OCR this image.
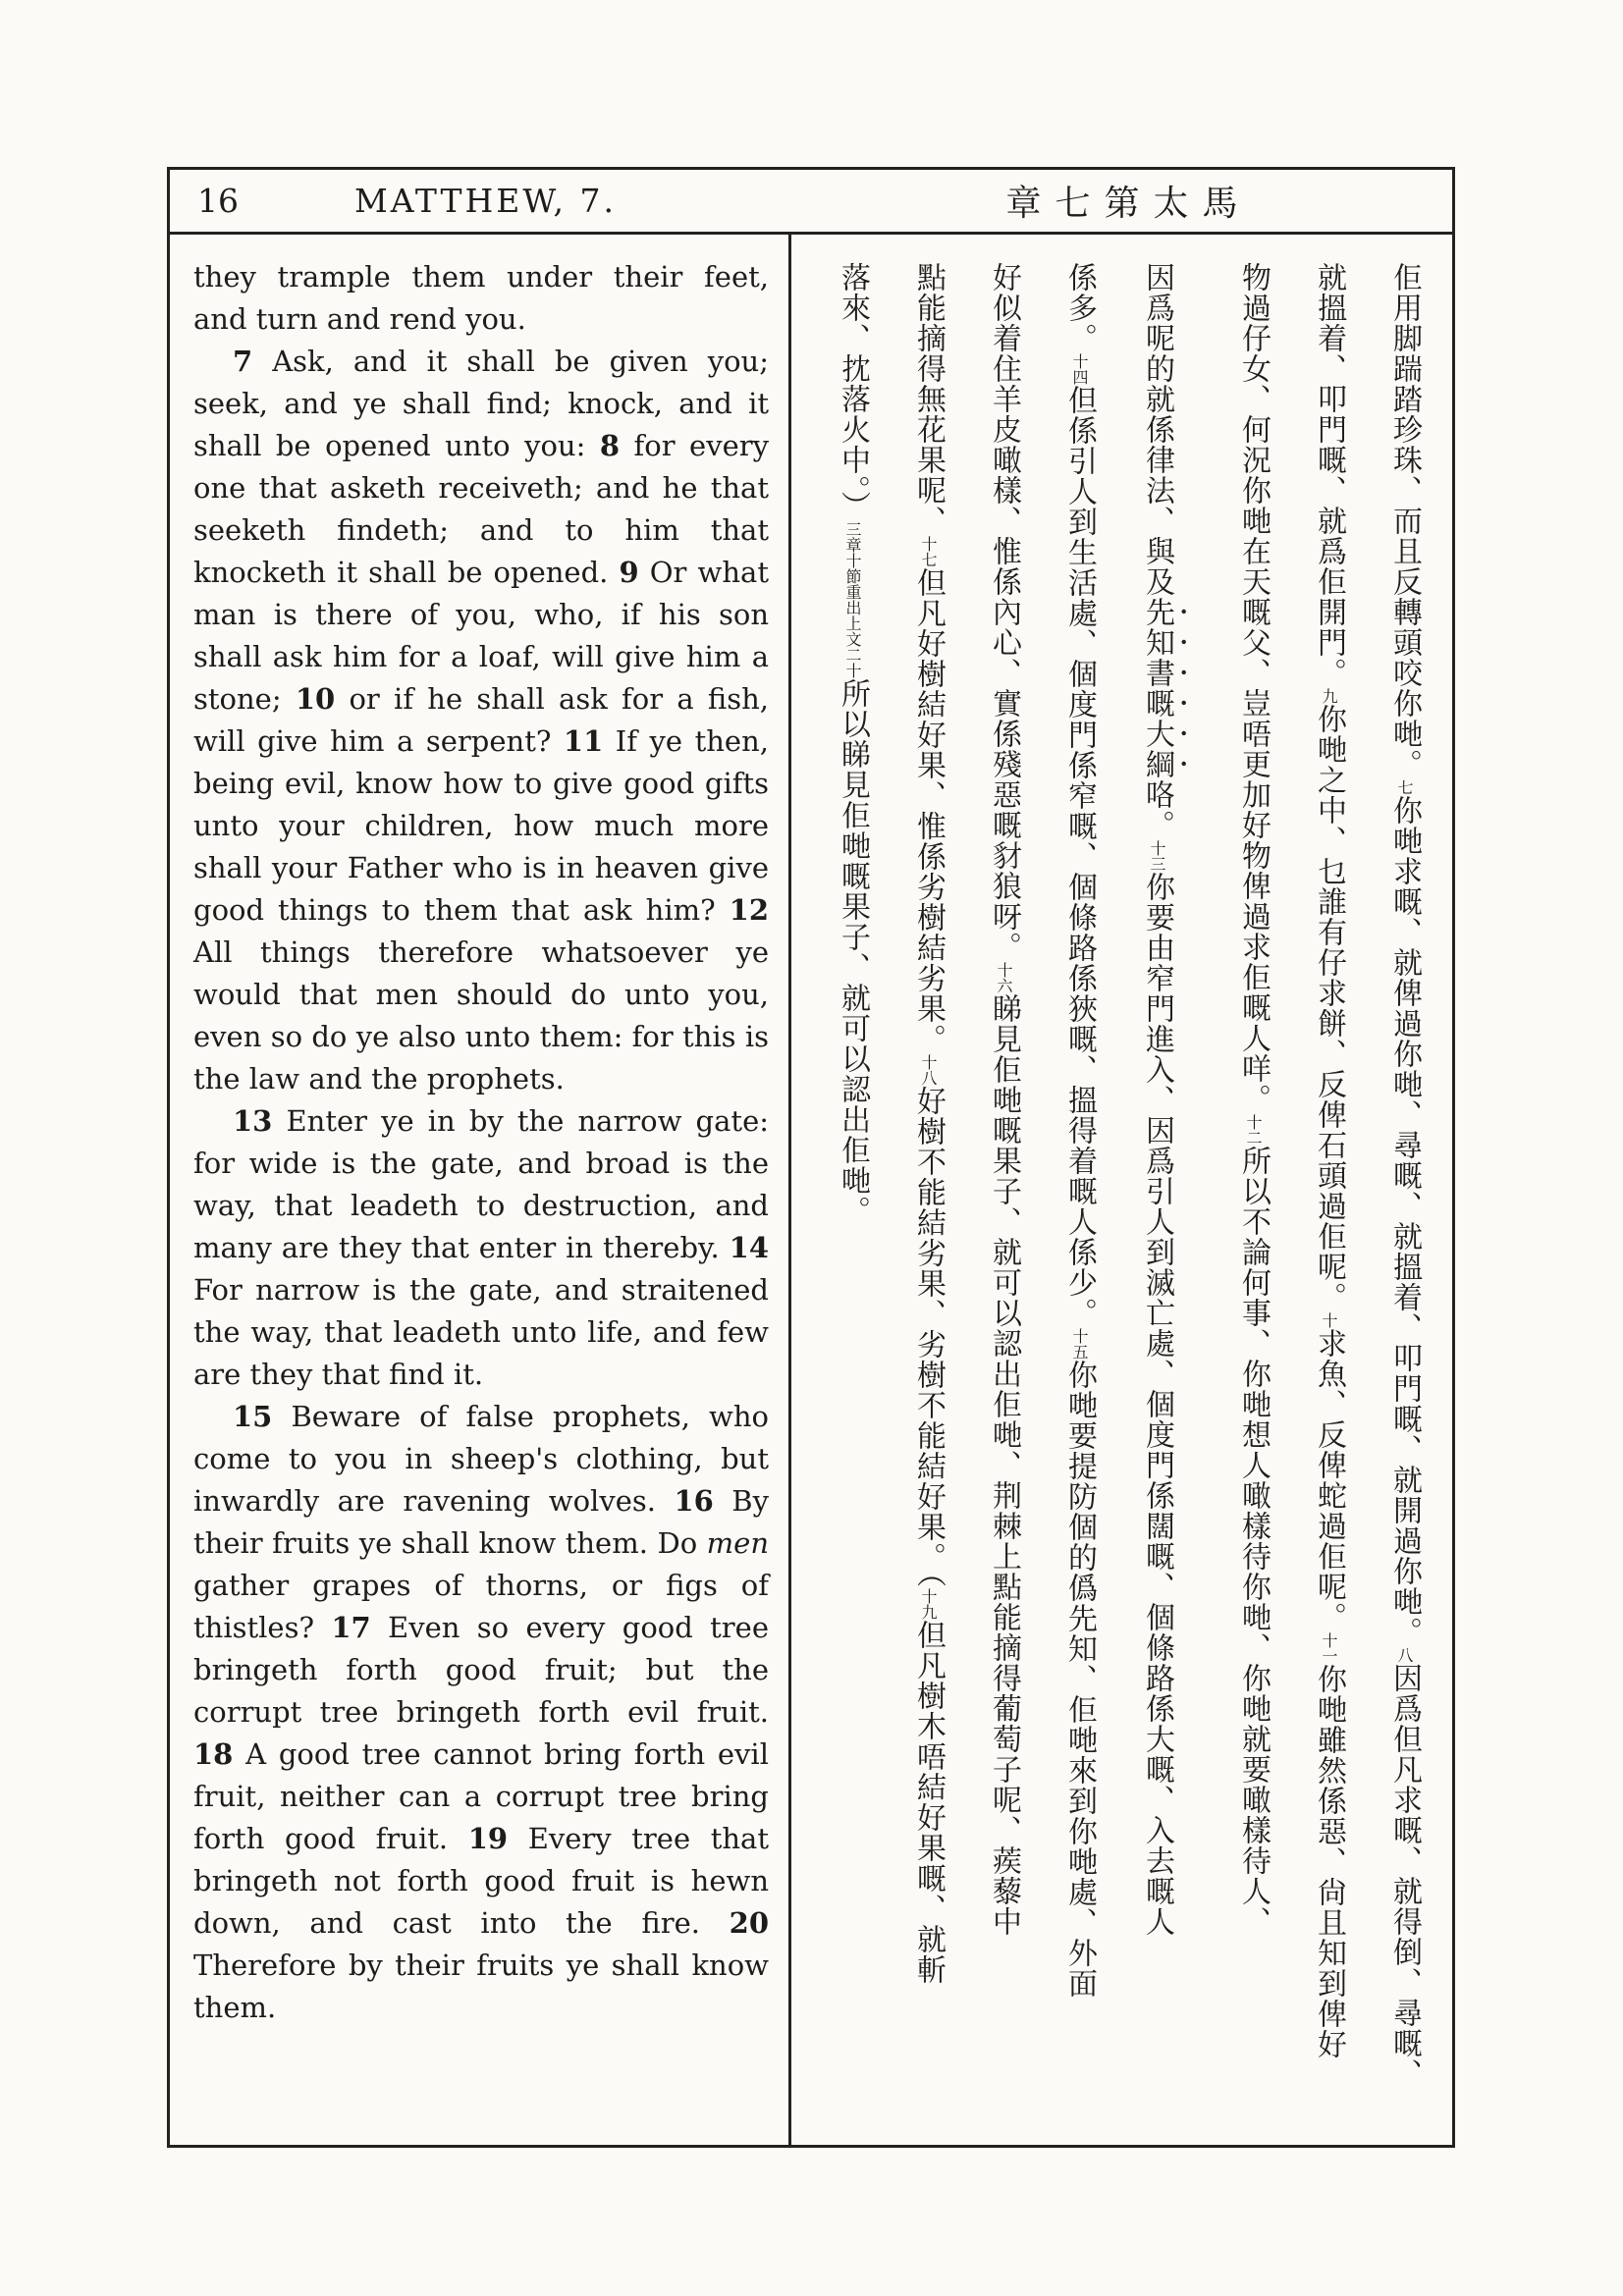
16	MATTHEW, 7.	章七第太馬

they trample them under their feet, and turn and rend you.

7 Ask, and it shall be given you; seek, and ye shall find; knock, and it shall be opened unto you: 8 for every one that asketh receiveth; and he that seeketh findeth; and to him that knocketh it shall be opened. 9 Or what man is there of you, who, if his son shall ask him for a loaf, will give him a stone; 10 or if he shall ask for a fish, will give him a serpent? 11 If ye then, being evil, know how to give good gifts unto your children, how much more shall your Father who is in heaven give good things to them that ask him? 12 All things therefore whatsoever ye would that men should do unto you, even so do ye also unto them: for this is the law and the prophets.

13 Enter ye in by the narrow gate: for wide is the gate, and broad is the way, that leadeth to destruction, and many are they that enter in thereby. 14 For narrow is the gate, and straitened the way, that leadeth unto life, and few are they that find it.

15 Beware of false prophets, who come to you in sheep's clothing, but inwardly are ravening wolves. 16 By their fruits ye shall know them. Do men gather grapes of thorns, or figs of thistles? 17 Even so every good tree bringeth forth good fruit; but the corrupt tree bringeth forth evil fruit. 18 A good tree cannot bring forth evil fruit, neither can a corrupt tree bring forth good fruit. 19 Every tree that bringeth not forth good fruit is hewn down, and cast into the fire. 20 Therefore by their fruits ye shall know them.

佢用脚踹踏珍珠、而且反轉頭咬你哋。七你哋求嘅、就俾過你哋、尋嘅、就搵着、叩門嘅、就開過你哋。八因爲但凡求嘅、就得倒、尋嘅、
就搵着、叩門嘅、就爲佢開門。九你哋之中、乜誰有仔求餅、反俾石頭過佢呢。十求魚、反俾蛇過佢呢。十一你哋雖然係惡、尙且知到俾好
物過仔女、何況你哋在天嘅父、豈唔更加好物俾過求佢嘅人咩。十二所以不論何事、你哋想人噉樣待你哋、你哋就要噉樣待人、
因爲呢的就係律法、與及先知書嘅大綱咯。十三你要由窄門進入、因爲引人到滅亡處、個度門係闊嘅、個條路係大嘅、入去嘅人
係多。十四但係引人到生活處、個度門係窄嘅、個條路係狹嘅、搵得着嘅人係少。十五你哋要提防個的僞先知、佢哋來到你哋處、外面
好似着住羊皮噉樣、惟係內心、實係殘惡嘅豺狼呀。十六睇見佢哋嘅果子、就可以認出佢哋、荆棘上點能摘得葡萄子呢、蒺藜中
點能摘得無花果呢、十七但凡好樹結好果、惟係劣樹結劣果。十八好樹不能結劣果、劣樹不能結好果。（十九但凡樹木唔結好果嘅、就斬
落來、抌落火中。）三章十節重出上文二十所以睇見佢哋嘅果子、就可以認出佢哋。
